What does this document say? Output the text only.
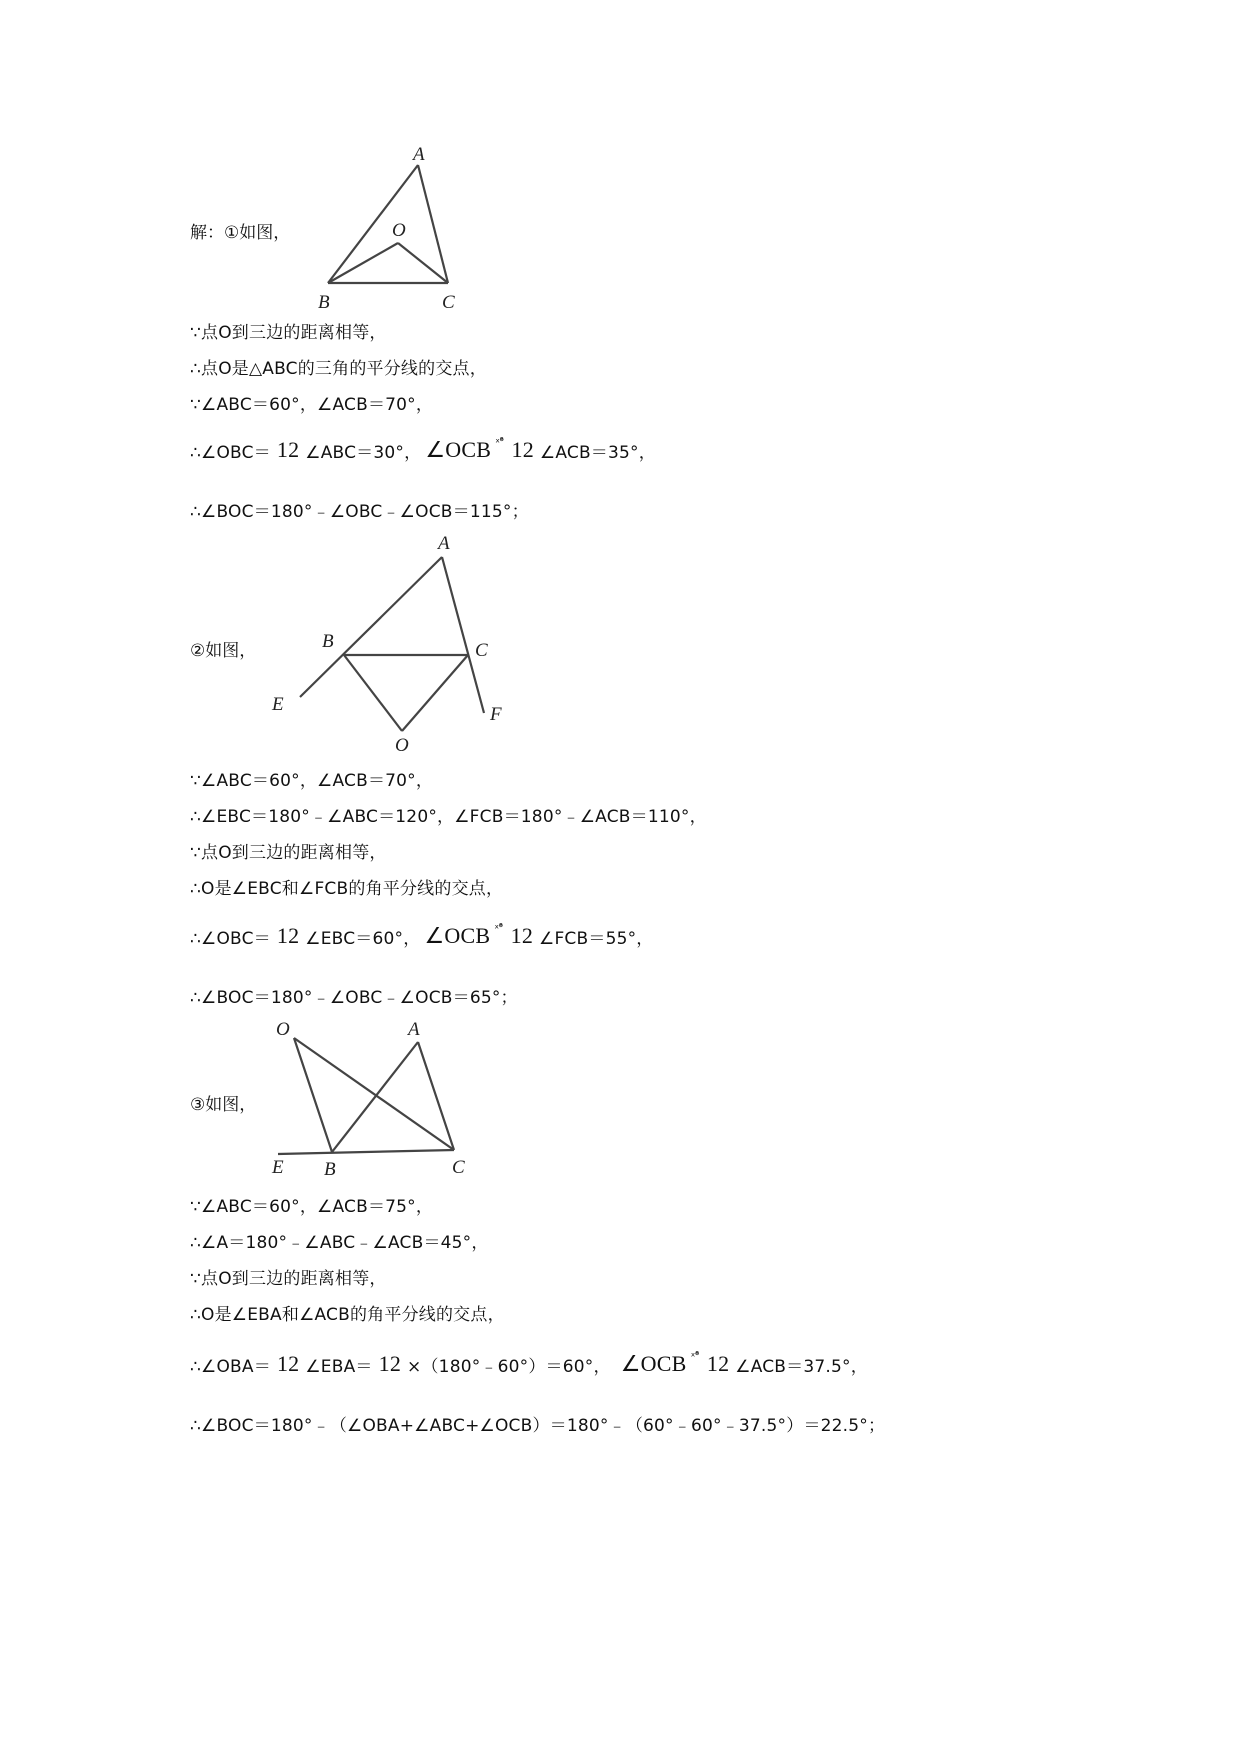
解：①如图，
A
O
B	C
∵点O到三边的距离相等，
∴点O是△ABC的三角的平分线的交点，
∵∠ABC＝60°，∠ACB＝70°，
∴∠OBC＝ 12 ∠ABC＝30°， ∠OCB ˣ°̊ 12 ∠ACB＝35°，
∴∠BOC＝180°﹣∠OBC﹣∠OCB＝115°；
②如图，
A
B	C
E	F
O
∵∠ABC＝60°，∠ACB＝70°，
∴∠EBC＝180°﹣∠ABC＝120°，∠FCB＝180°﹣∠ACB＝110°，
∵点O到三边的距离相等，
∴O是∠EBC和∠FCB的角平分线的交点，
∴∠OBC＝ 12 ∠EBC＝60°， ∠OCB ˣ°̊ 12 ∠FCB＝55°，
∴∠BOC＝180°﹣∠OBC﹣∠OCB＝65°；
③如图，
O	A
E B	C
∵∠ABC＝60°，∠ACB＝75°，
∴∠A＝180°﹣∠ABC﹣∠ACB＝45°，
∵点O到三边的距离相等，
∴O是∠EBA和∠ACB的角平分线的交点，
∴∠OBA＝ 12 ∠EBA＝ 12 ×（180°﹣60°）＝60°， ∠OCB ˣ°̊ 12 ∠ACB＝37.5°，
∴∠BOC＝180°﹣（∠OBA+∠ABC+∠OCB）＝180°﹣（60°﹣60°﹣37.5°）＝22.5°；
